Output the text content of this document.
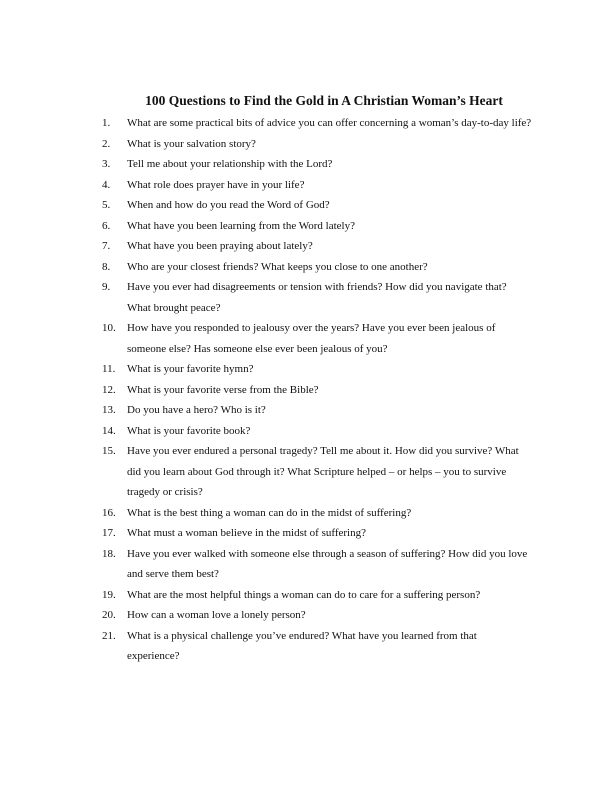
100 Questions to Find the Gold in A Christian Woman’s Heart
1.	What are some practical bits of advice you can offer concerning a woman’s day-to-day life?
2.	What is your salvation story?
3.	Tell me about your relationship with the Lord?
4.	What role does prayer have in your life?
5.	When and how do you read the Word of God?
6.	What have you been learning from the Word lately?
7.	What have you been praying about lately?
8.	Who are your closest friends? What keeps you close to one another?
9.	Have you ever had disagreements or tension with friends? How did you navigate that? What brought peace?
10.	How have you responded to jealousy over the years? Have you ever been jealous of someone else? Has someone else ever been jealous of you?
11.	What is your favorite hymn?
12.	What is your favorite verse from the Bible?
13.	Do you have a hero? Who is it?
14.	What is your favorite book?
15.	Have you ever endured a personal tragedy? Tell me about it. How did you survive? What did you learn about God through it? What Scripture helped – or helps – you to survive tragedy or crisis?
16.	What is the best thing a woman can do in the midst of suffering?
17.	What must a woman believe in the midst of suffering?
18.	Have you ever walked with someone else through a season of suffering? How did you love and serve them best?
19.	What are the most helpful things a woman can do to care for a suffering person?
20.	How can a woman love a lonely person?
21.	What is a physical challenge you’ve endured? What have you learned from that experience?
